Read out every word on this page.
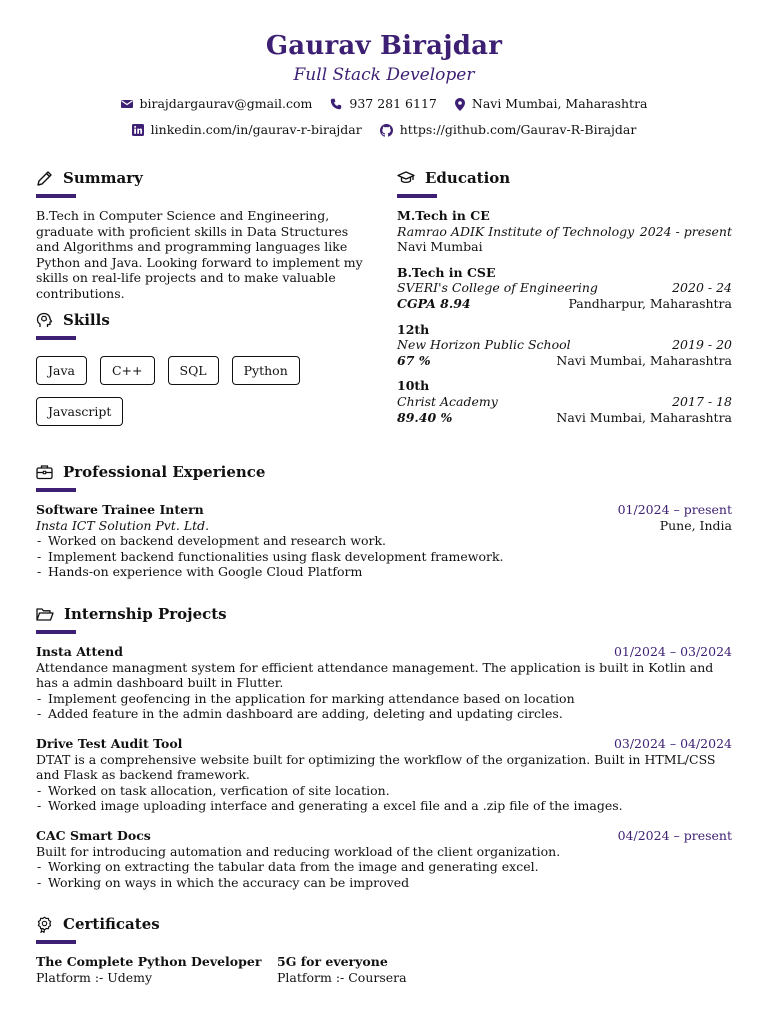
Gaurav Birajdar
Full Stack Developer
birajdargaurav@gmail.com	937 281 6117	Navi Mumbai, Maharashtra
linkedin.com/in/gaurav-r-birajdar	https://github.com/Gaurav-R-Birajdar
Summary
B.Tech in Computer Science and Engineering, graduate with proficient skills in Data Structures and Algorithms and programming languages like Python and Java. Looking forward to implement my skills on real-life projects and to make valuable contributions.
Skills
Java	C++	SQL	Python
Javascript
Education
M.Tech in CE
Ramrao ADIK Institute of Technology 2024 - present
Navi Mumbai
B.Tech in CSE
SVERI's College of Engineering	2020 - 24
CGPA 8.94	Pandharpur, Maharashtra
12th
New Horizon Public School	2019 - 20
67 %	Navi Mumbai, Maharashtra
10th
Christ Academy	2017 - 18
89.40 %	Navi Mumbai, Maharashtra
Professional Experience
Software Trainee Intern	01/2024 – present
Insta ICT Solution Pvt. Ltd.	Pune, India
- Worked on backend development and research work.
- Implement backend functionalities using flask development framework.
- Hands-on experience with Google Cloud Platform
Internship Projects
Insta Attend	01/2024 – 03/2024
Attendance managment system for efficient attendance management. The application is built in Kotlin and has a admin dashboard built in Flutter.
- Implement geofencing in the application for marking attendance based on location
- Added feature in the admin dashboard are adding, deleting and updating circles.
Drive Test Audit Tool	03/2024 – 04/2024
DTAT is a comprehensive website built for optimizing the workflow of the organization. Built in HTML/CSS and Flask as backend framework.
- Worked on task allocation, verfication of site location.
- Worked image uploading interface and generating a excel file and a .zip file of the images.
CAC Smart Docs	04/2024 – present
Built for introducing automation and reducing workload of the client organization.
- Working on extracting the tabular data from the image and generating excel.
- Working on ways in which the accuracy can be improved
Certificates
The Complete Python Developer
Platform :- Udemy
5G for everyone
Platform :- Coursera
